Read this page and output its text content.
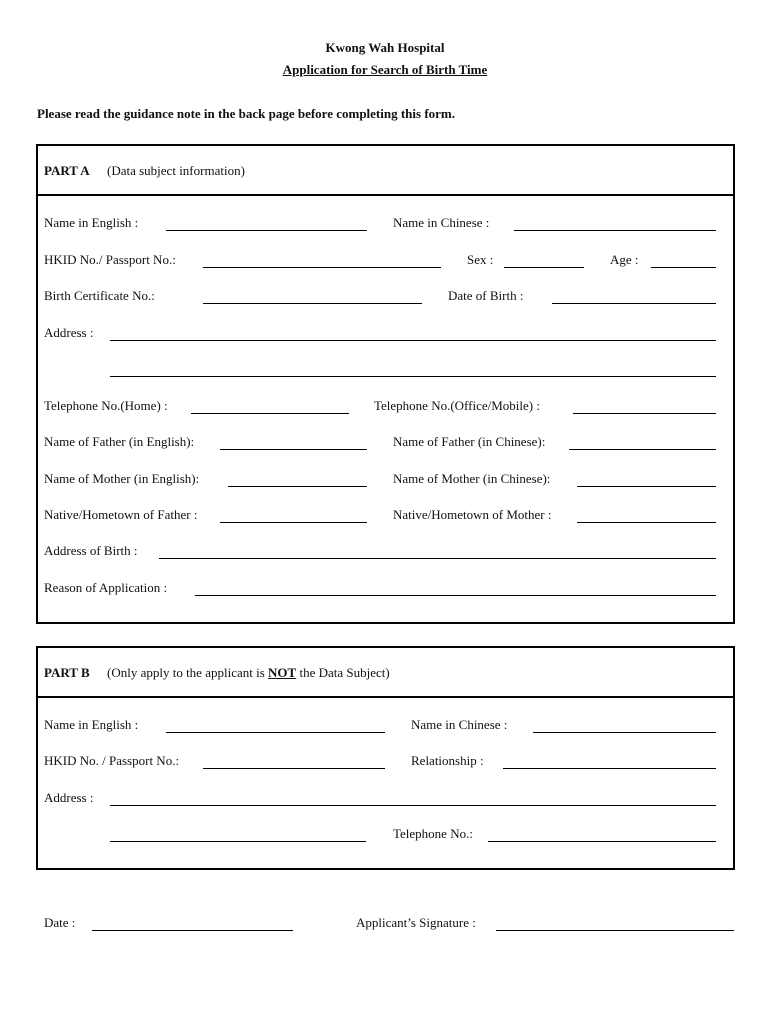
Kwong Wah Hospital
Application for Search of Birth Time
Please read the guidance note in the back page before completing this form.
PART A (Data subject information)
Name in English :	Name in Chinese :
HKID No./ Passport No.:	Sex :	Age :
Birth Certificate No.:	Date of Birth :
Address :
Telephone No.(Home) :	Telephone No.(Office/Mobile) :
Name of Father (in English):	Name of Father (in Chinese):
Name of Mother (in English):	Name of Mother (in Chinese):
Native/Hometown of Father :	Native/Hometown of Mother :
Address of Birth :
Reason of Application :
PART B (Only apply to the applicant is NOT the Data Subject)
Name in English :	Name in Chinese :
HKID No. / Passport No.:	Relationship :
Address :
Telephone No.:
Date :	Applicant’s Signature :
